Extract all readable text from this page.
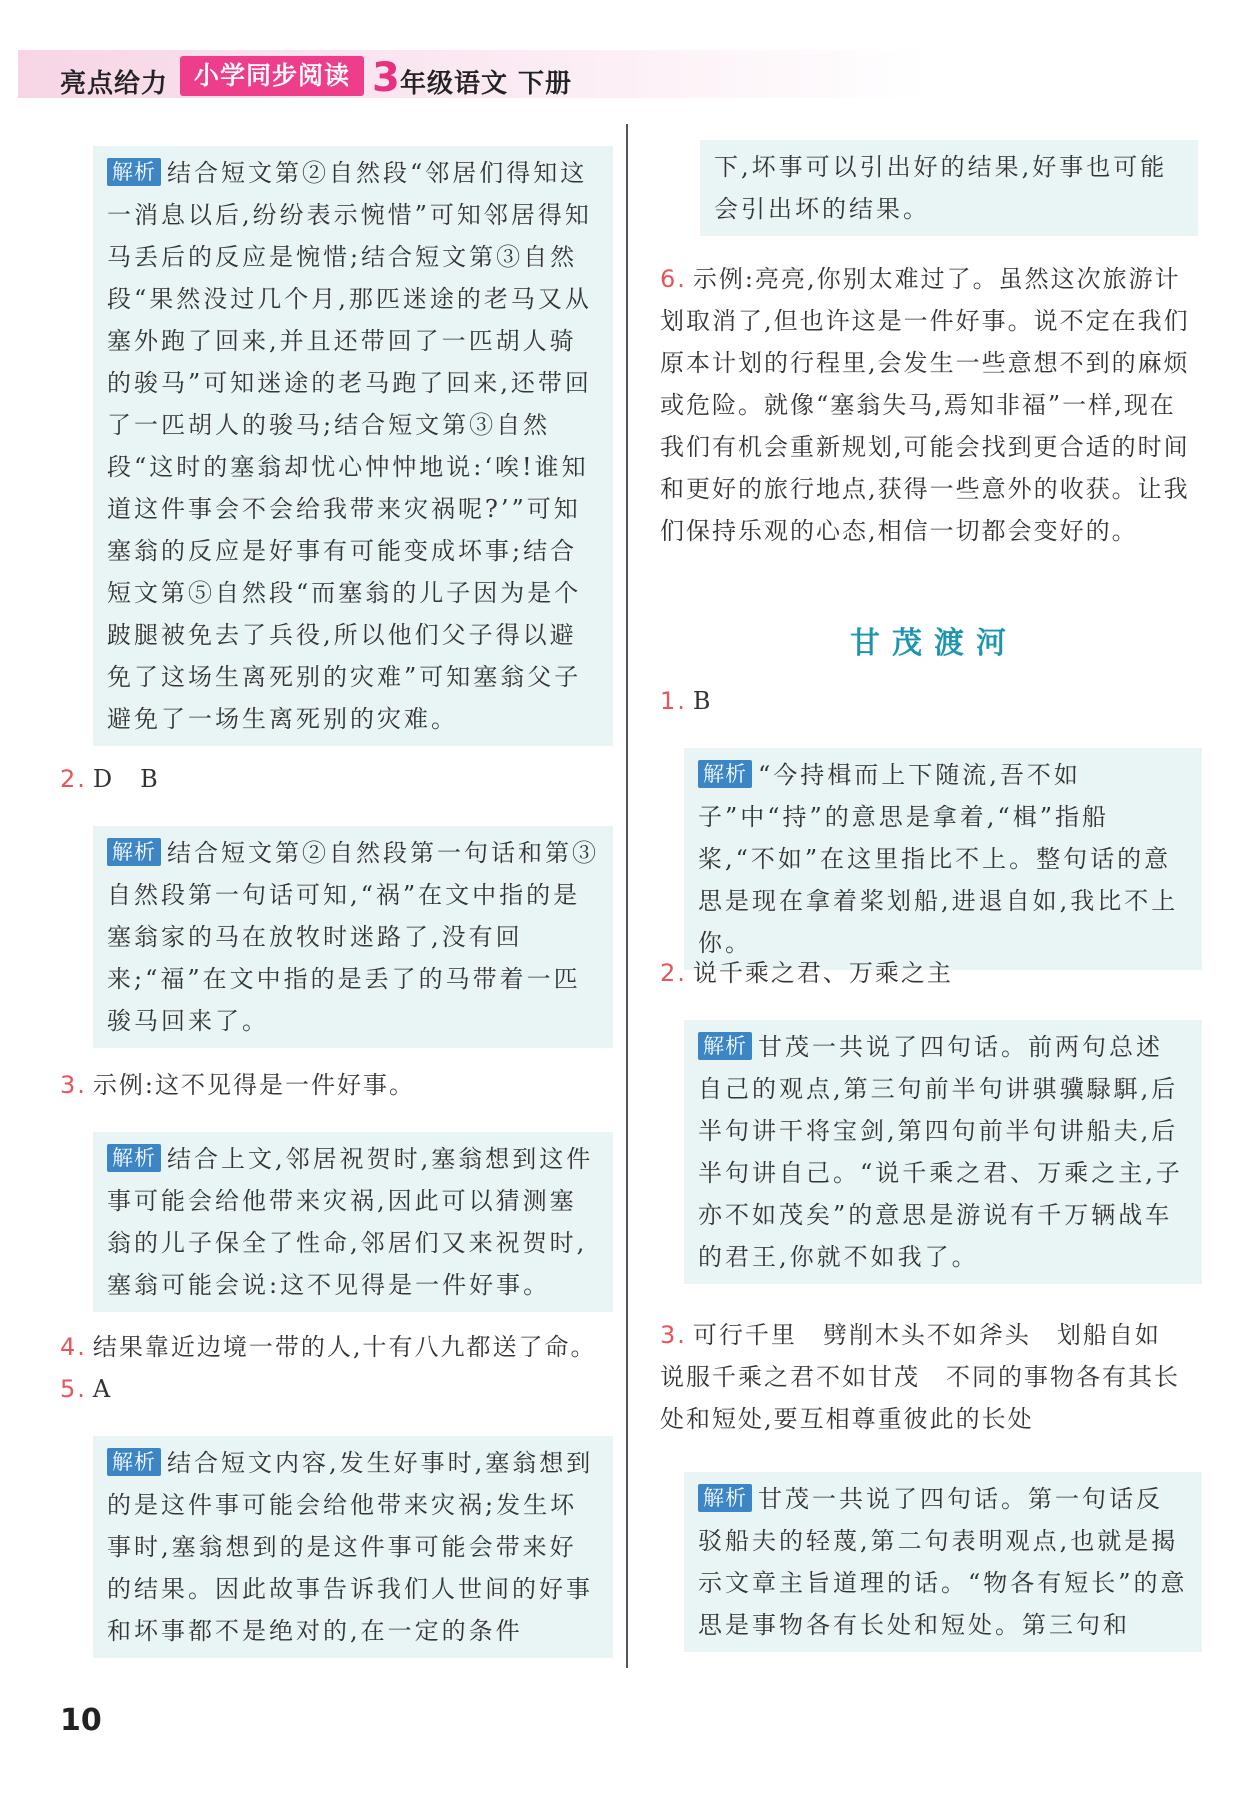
亮点给力	小学同步阅读 3 年级语文 下册
解析 结合短文第②自然段“邻居们得知这一消息以后,纷纷表示惋惜”可知邻居得知马丢后的反应是惋惜;结合短文第③自然段“果然没过几个月,那匹迷途的老马又从塞外跑了回来,并且还带回了一匹胡人骑的骏马”可知迷途的老马跑了回来,还带回了一匹胡人的骏马;结合短文第③自然段“这时的塞翁却忧心忡忡地说:‘唉!谁知道这件事会不会给我带来灾祸呢?’”可知塞翁的反应是好事有可能变成坏事;结合短文第⑤自然段“而塞翁的儿子因为是个跛腿被免去了兵役,所以他们父子得以避免了这场生离死别的灾难”可知塞翁父子避免了一场生离死别的灾难。
2. D　B
解析 结合短文第②自然段第一句话和第③自然段第一句话可知,“祸”在文中指的是塞翁家的马在放牧时迷路了,没有回来;“福”在文中指的是丢了的马带着一匹骏马回来了。
3. 示例:这不见得是一件好事。
解析 结合上文,邻居祝贺时,塞翁想到这件事可能会给他带来灾祸,因此可以猜测塞翁的儿子保全了性命,邻居们又来祝贺时,塞翁可能会说:这不见得是一件好事。
4. 结果靠近边境一带的人,十有八九都送了命。
5. A
解析 结合短文内容,发生好事时,塞翁想到的是这件事可能会给他带来灾祸;发生坏事时,塞翁想到的是这件事可能会带来好的结果。因此故事告诉我们人世间的好事和坏事都不是绝对的,在一定的条件
下,坏事可以引出好的结果,好事也可能会引出坏的结果。
6. 示例:亮亮,你别太难过了。虽然这次旅游计划取消了,但也许这是一件好事。说不定在我们原本计划的行程里,会发生一些意想不到的麻烦或危险。就像“塞翁失马,焉知非福”一样,现在我们有机会重新规划,可能会找到更合适的时间和更好的旅行地点,获得一些意外的收获。让我们保持乐观的心态,相信一切都会变好的。
甘茂渡河
1. B
解析 “今持楫而上下随流,吾不如子”中“持”的意思是拿着,“楫”指船桨,“不如”在这里指比不上。整句话的意思是现在拿着桨划船,进退自如,我比不上你。
2. 说千乘之君、万乘之主
解析 甘茂一共说了四句话。前两句总述自己的观点,第三句前半句讲骐骥騄駬,后半句讲干将宝剑,第四句前半句讲船夫,后半句讲自己。“说千乘之君、万乘之主,子亦不如茂矣”的意思是游说有千万辆战车的君王,你就不如我了。
3. 可行千里　劈削木头不如斧头　划船自如　说服千乘之君不如甘茂　不同的事物各有其长处和短处,要互相尊重彼此的长处
解析 甘茂一共说了四句话。第一句话反驳船夫的轻蔑,第二句表明观点,也就是揭示文章主旨道理的话。“物各有短长”的意思是事物各有长处和短处。第三句和
10
